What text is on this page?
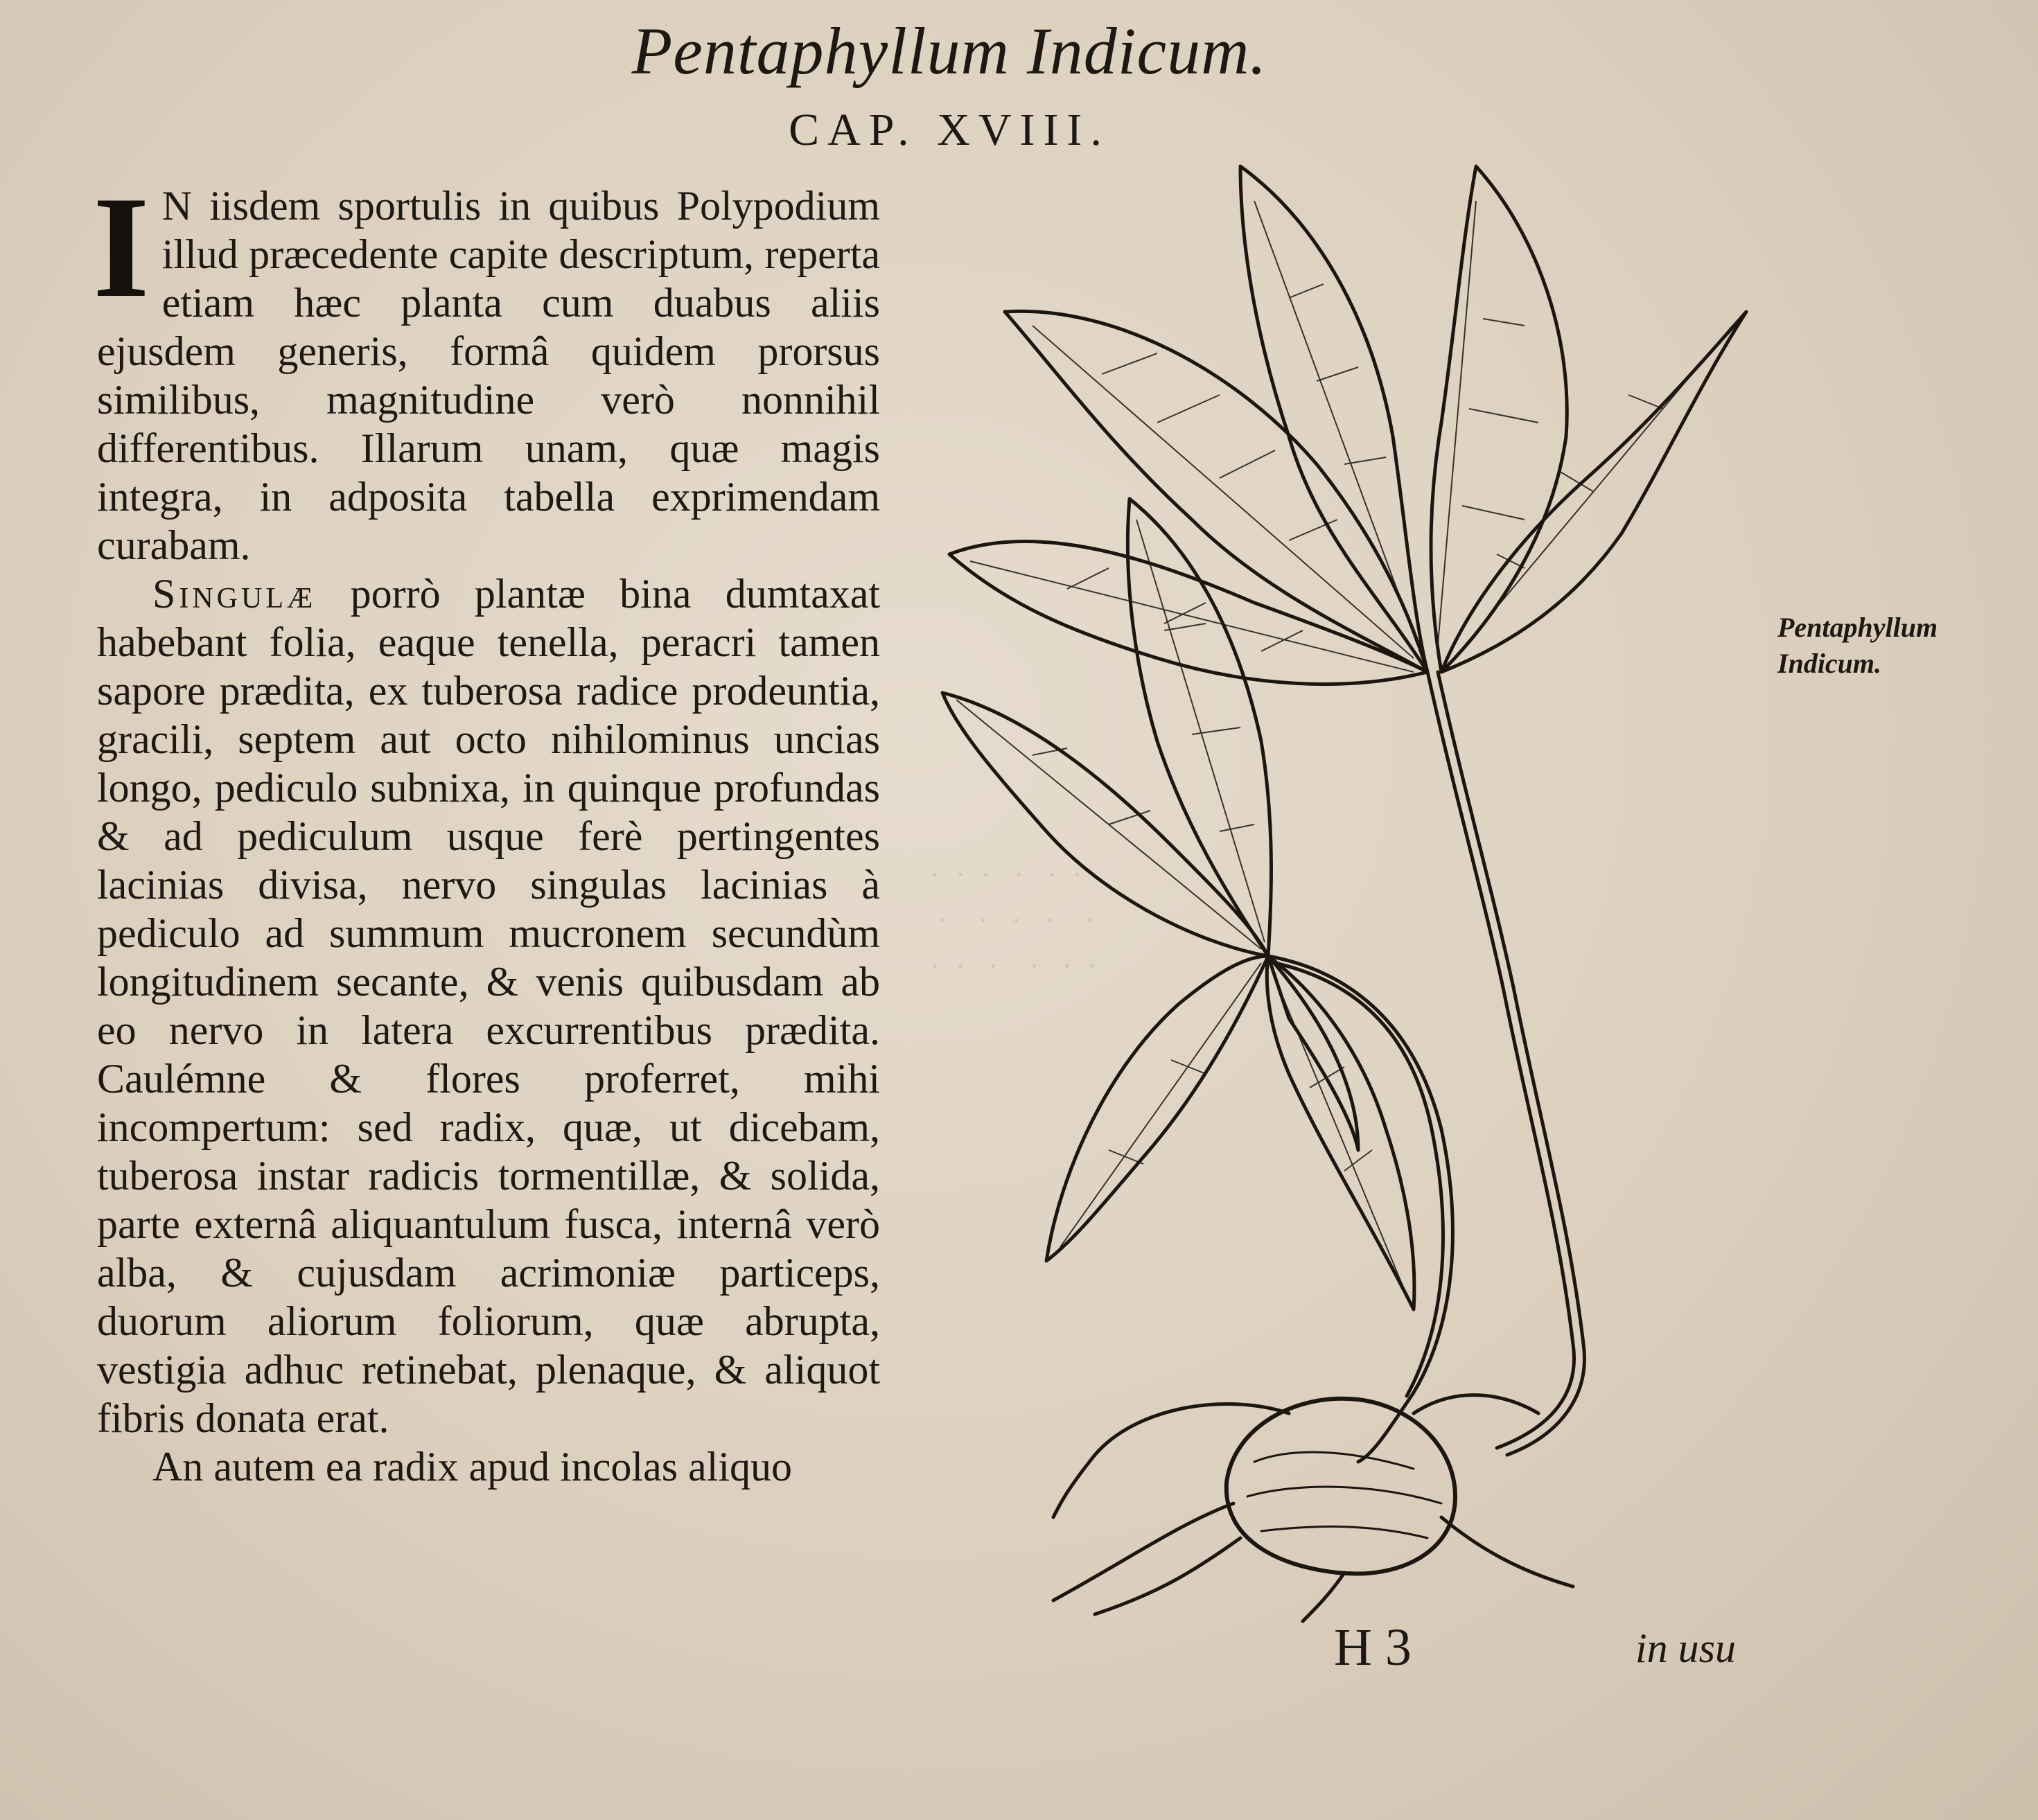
·  ·  ·   ·   ·  ·
·    ·   ·   ·    ·
·  ·   ·    ·   ·  ·
Pentaphyllum Indicum.
CAP. XVIII.

I N iisdem sportulis in quibus Polypodium illud præcedente capite descriptum, reperta etiam hæc planta cum duabus aliis ejusdem generis, formâ quidem prorsus similibus, magnitudine verò nonnihil differentibus. Illarum unam, quæ magis integra, in adposita tabella exprimendam curabam.

Singulæ porrò plantæ bina dumtaxat habebant folia, eaque tenella, peracri tamen sapore prædita, ex tuberosa radice prodeuntia, gracili, septem aut octo nihilominus uncias longo, pediculo subnixa, in quinque profundas & ad pediculum usque ferè pertingentes lacinias divisa, nervo singulas lacinias à pediculo ad summum mucronem secundùm longitudinem secante, & venis quibusdam ab eo nervo in latera excurrentibus prædita. Caulémne & flores proferret, mihi incompertum: sed radix, quæ, ut dicebam, tuberosa instar radicis tormentillæ, & solida, parte externâ aliquantulum fusca, internâ verò alba, & cujusdam acrimoniæ particeps, duorum aliorum foliorum, quæ abrupta, vestigia adhuc retinebat, plenaque, & aliquot fibris donata erat.

An autem ea radix apud incolas aliquo

Pentaphyllum
Indicum.
H 3	in usu
